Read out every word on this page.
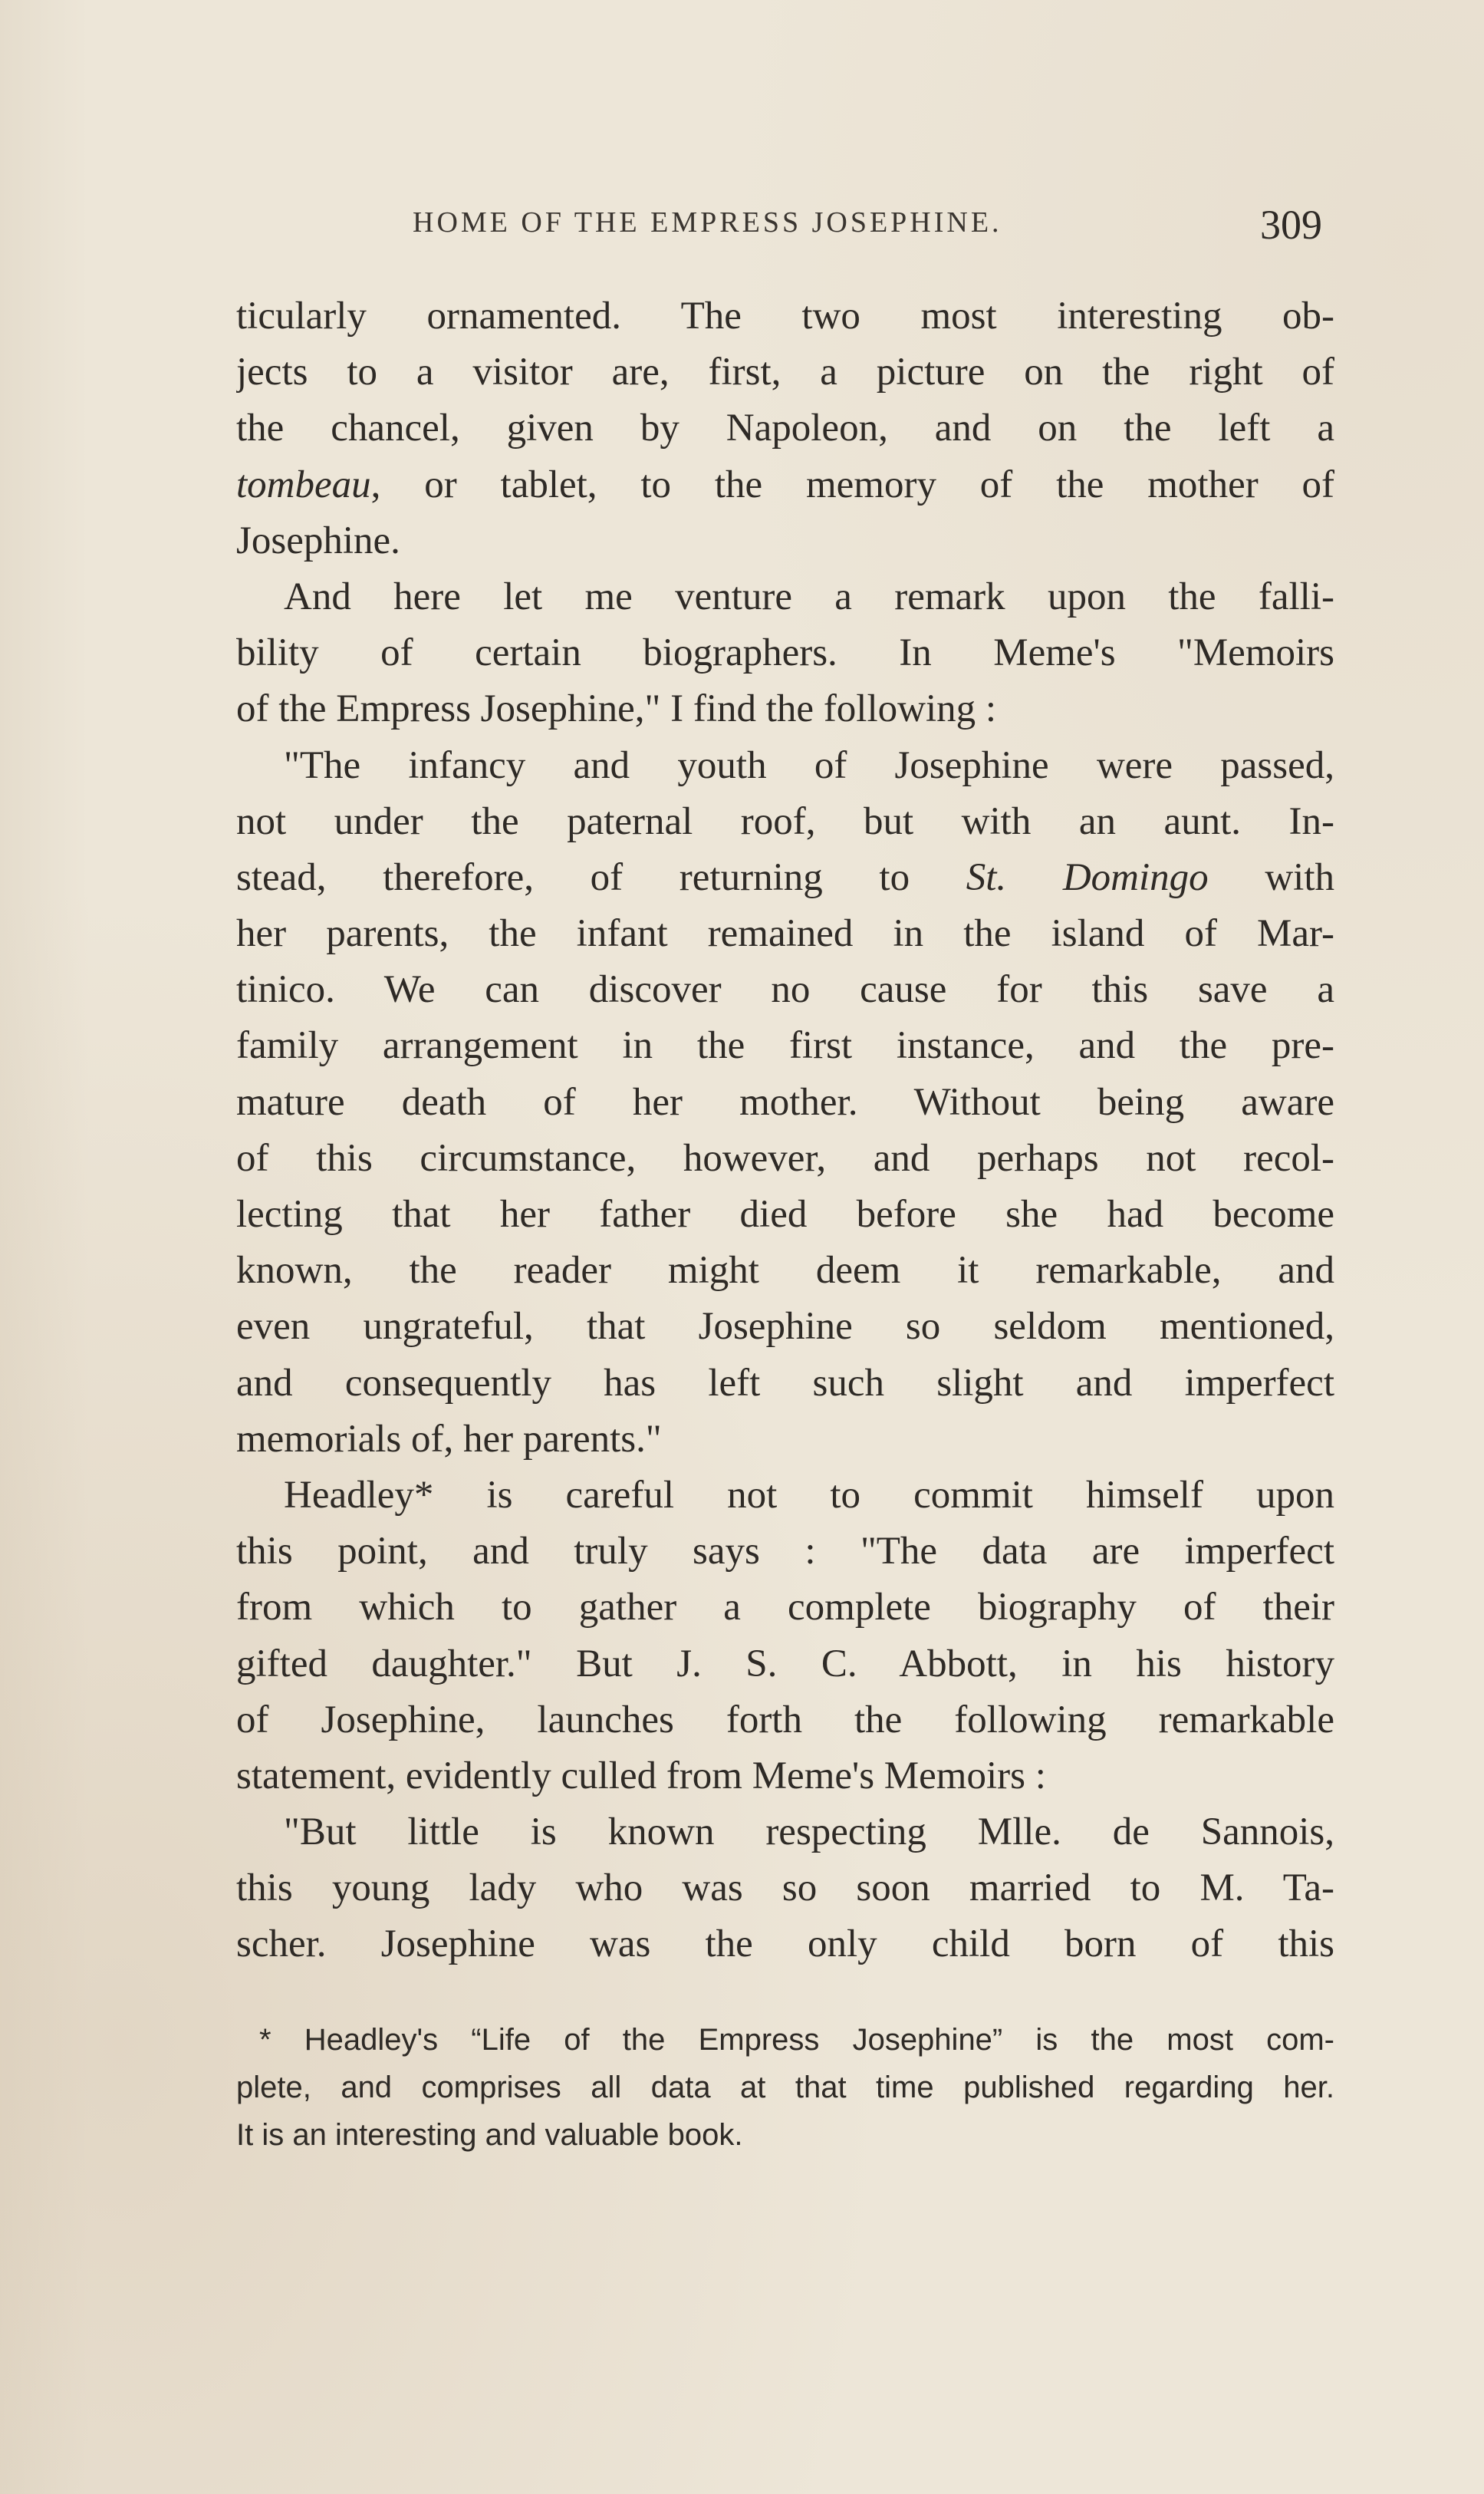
HOME OF THE EMPRESS JOSEPHINE.	309
ticularly ornamented. The two most interesting ob-
jects to a visitor are, first, a picture on the right of
the chancel, given by Napoleon, and on the left a
tombeau, or tablet, to the memory of the mother of
Josephine.
And here let me venture a remark upon the falli-
bility of certain biographers. In Meme's "Memoirs
of the Empress Josephine," I find the following :
"The infancy and youth of Josephine were passed,
not under the paternal roof, but with an aunt. In-
stead, therefore, of returning to St. Domingo with
her parents, the infant remained in the island of Mar-
tinico. We can discover no cause for this save a
family arrangement in the first instance, and the pre-
mature death of her mother. Without being aware
of this circumstance, however, and perhaps not recol-
lecting that her father died before she had become
known, the reader might deem it remarkable, and
even ungrateful, that Josephine so seldom mentioned,
and consequently has left such slight and imperfect
memorials of, her parents."
Headley* is careful not to commit himself upon
this point, and truly says : "The data are imperfect
from which to gather a complete biography of their
gifted daughter." But J. S. C. Abbott, in his history
of Josephine, launches forth the following remarkable
statement, evidently culled from Meme's Memoirs :
"But little is known respecting Mlle. de Sannois,
this young lady who was so soon married to M. Ta-
scher. Josephine was the only child born of this
* Headley's “Life of the Empress Josephine” is the most com-
plete, and comprises all data at that time published regarding her.
It is an interesting and valuable book.
